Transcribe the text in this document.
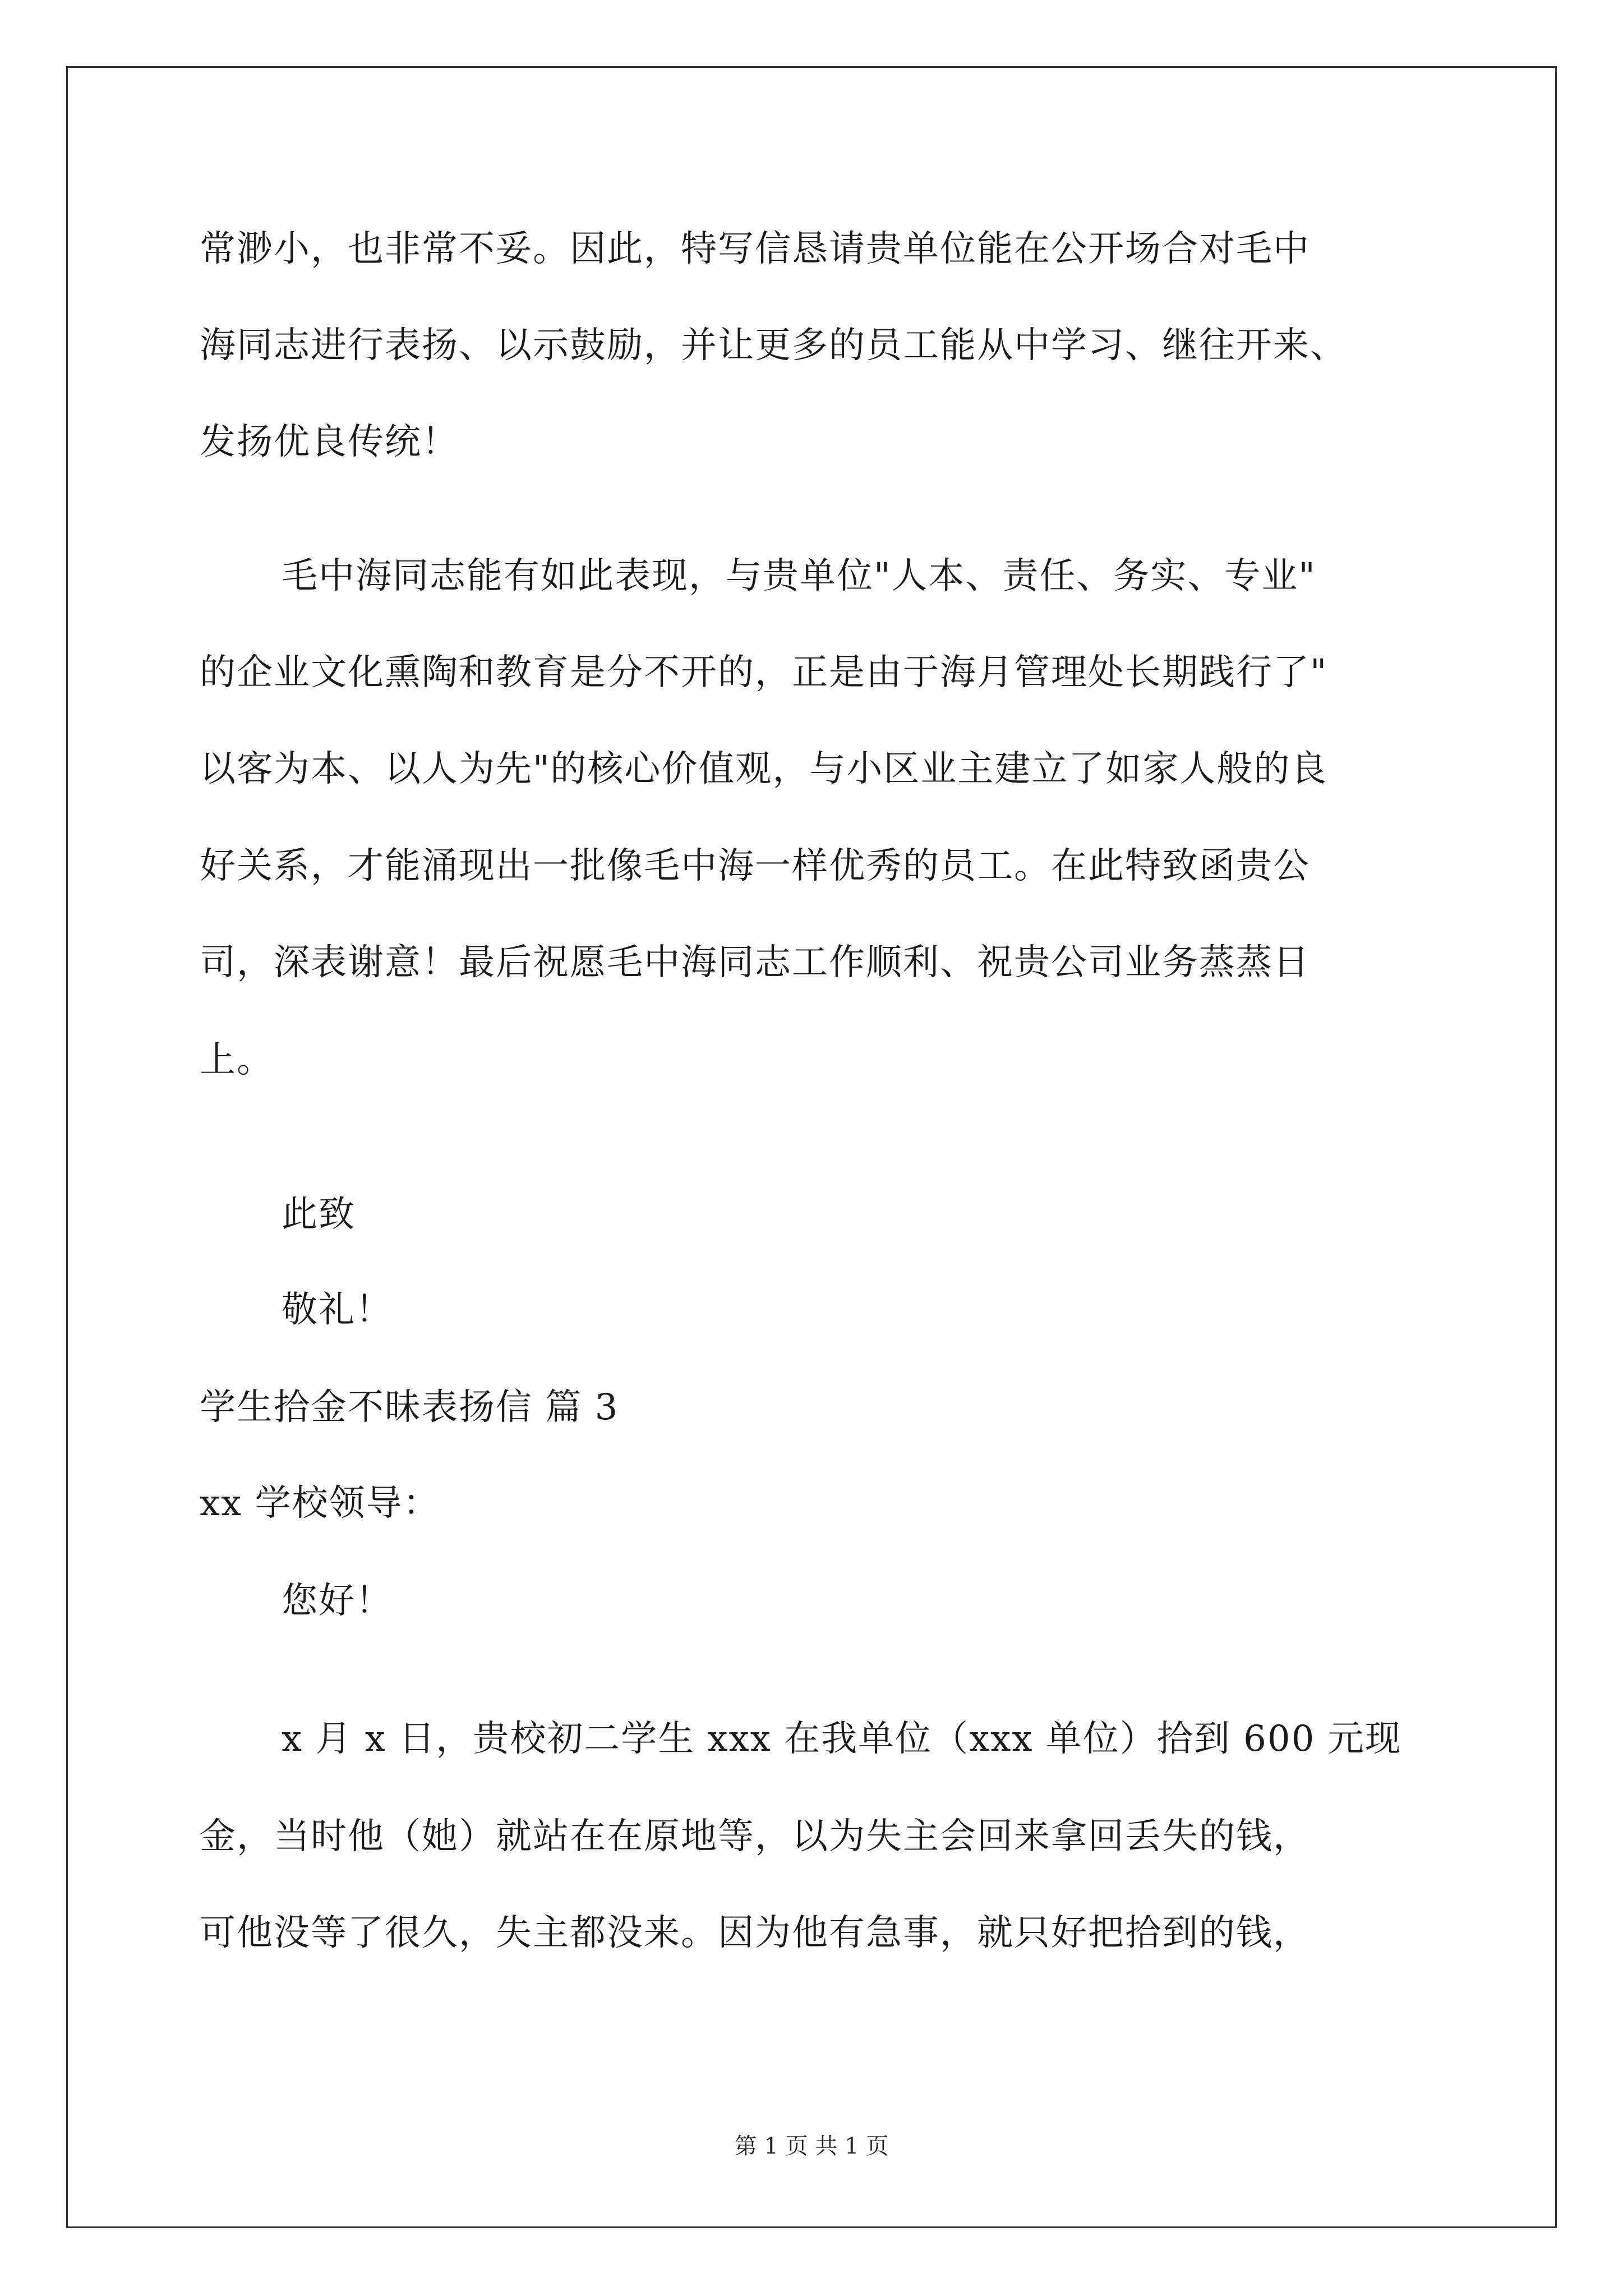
常渺小，也非常不妥。因此，特写信恳请贵单位能在公开场合对毛中
海同志进行表扬、以示鼓励，并让更多的员工能从中学习、继往开来、
发扬优良传统！
毛中海同志能有如此表现，与贵单位"人本、责任、务实、专业"
的企业文化熏陶和教育是分不开的，正是由于海月管理处长期践行了"
以客为本、以人为先"的核心价值观，与小区业主建立了如家人般的良
好关系，才能涌现出一批像毛中海一样优秀的员工。在此特致函贵公
司，深表谢意！最后祝愿毛中海同志工作顺利、祝贵公司业务蒸蒸日
上。
此致
敬礼！
学生拾金不昧表扬信 篇 3
xx 学校领导：
您好！
x 月 x 日，贵校初二学生 xxx 在我单位（xxx 单位）拾到 600 元现
金，当时他（她）就站在在原地等，以为失主会回来拿回丢失的钱，
可他没等了很久，失主都没来。因为他有急事，就只好把拾到的钱，
第 1 页 共 1 页
